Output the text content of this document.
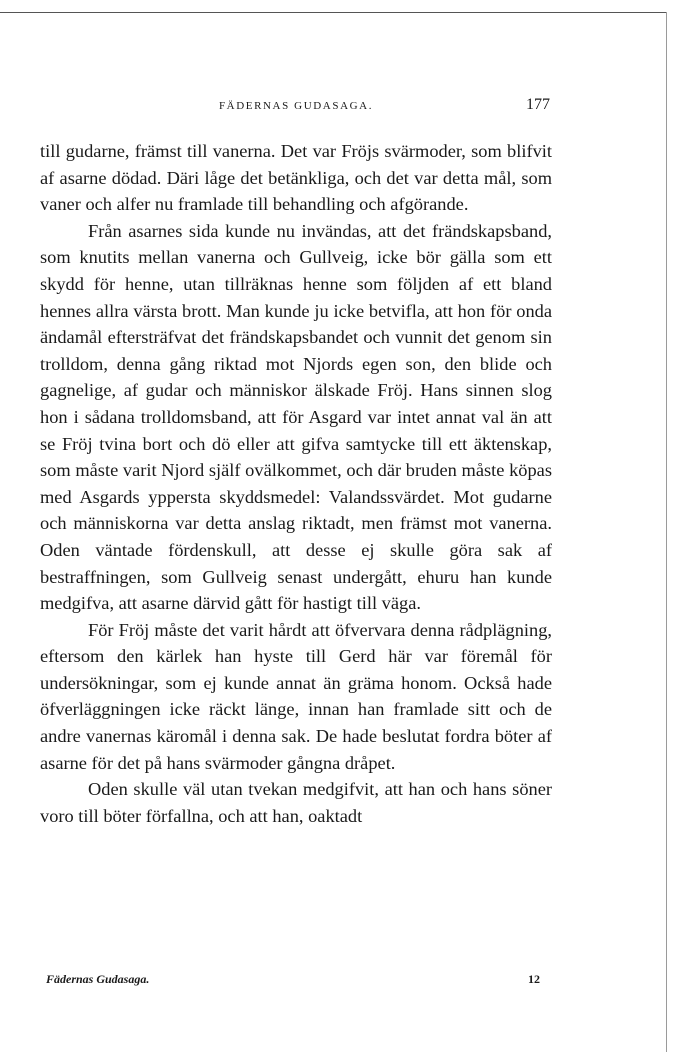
FÄDERNAS GUDASAGA.	177

till gudarne, främst till vanerna. Det var Fröjs svärmoder, som blifvit af asarne dödad. Däri låge det betänkliga, och det var detta mål, som vaner och alfer nu framlade till behandling och afgörande.

Från asarnes sida kunde nu invändas, att det frändskapsband, som knutits mellan vanerna och Gullveig, icke bör gälla som ett skydd för henne, utan tillräknas henne som följden af ett bland hennes allra värsta brott. Man kunde ju icke betvifla, att hon för onda ändamål eftersträfvat det frändskapsbandet och vunnit det genom sin trolldom, denna gång riktad mot Njords egen son, den blide och gagnelige, af gudar och människor älskade Fröj. Hans sinnen slog hon i sådana trolldomsband, att för Asgard var intet annat val än att se Fröj tvina bort och dö eller att gifva samtycke till ett äktenskap, som måste varit Njord själf ovälkommet, och där bruden måste köpas med Asgards yppersta skyddsmedel: Valandssvärdet. Mot gudarne och människorna var detta anslag riktadt, men främst mot vanerna. Oden väntade fördenskull, att desse ej skulle göra sak af bestraffningen, som Gullveig senast undergått, ehuru han kunde medgifva, att asarne därvid gått för hastigt till väga.

För Fröj måste det varit hårdt att öfvervara denna rådplägning, eftersom den kärlek han hyste till Gerd här var föremål för undersökningar, som ej kunde annat än gräma honom. Också hade öfverläggningen icke räckt länge, innan han framlade sitt och de andre vanernas käromål i denna sak. De hade beslutat fordra böter af asarne för det på hans svärmoder gångna dråpet.

Oden skulle väl utan tvekan medgifvit, att han och hans söner voro till böter förfallna, och att han, oaktadt

Fädernas Gudasaga.	12
